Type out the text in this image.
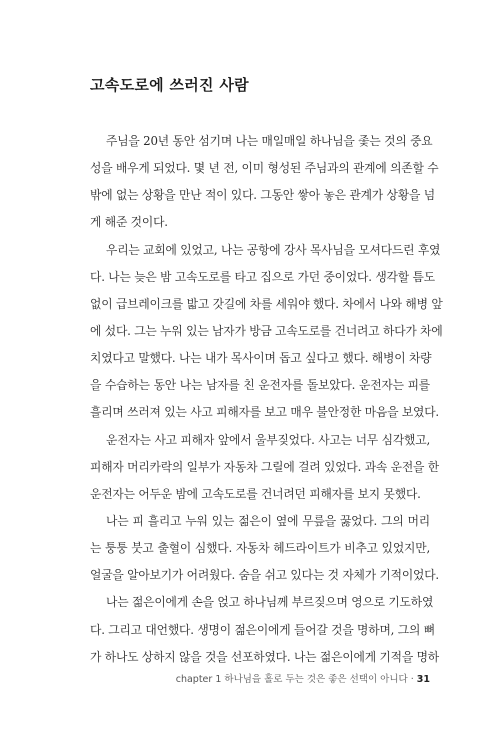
고속도로에 쓰러진 사람
주님을 20년 동안 섬기며 나는 매일매일 하나님을 좇는 것의 중요
성을 배우게 되었다. 몇 년 전, 이미 형성된 주님과의 관계에 의존할 수
밖에 없는 상황을 만난 적이 있다. 그동안 쌓아 놓은 관계가 상황을 넘
게 해준 것이다.
우리는 교회에 있었고, 나는 공항에 강사 목사님을 모셔다드린 후였
다. 나는 늦은 밤 고속도로를 타고 집으로 가던 중이었다. 생각할 틈도
없이 급브레이크를 밟고 갓길에 차를 세워야 했다. 차에서 나와 해병 앞
에 섰다. 그는 누워 있는 남자가 방금 고속도로를 건너려고 하다가 차에
치였다고 말했다. 나는 내가 목사이며 돕고 싶다고 했다. 해병이 차량
을 수습하는 동안 나는 남자를 친 운전자를 돌보았다. 운전자는 피를
흘리며 쓰러져 있는 사고 피해자를 보고 매우 불안정한 마음을 보였다.
운전자는 사고 피해자 앞에서 울부짖었다. 사고는 너무 심각했고,
피해자 머리카락의 일부가 자동차 그릴에 걸려 있었다. 과속 운전을 한
운전자는 어두운 밤에 고속도로를 건너려던 피해자를 보지 못했다.
나는 피 흘리고 누워 있는 젊은이 옆에 무릎을 꿇었다. 그의 머리
는 퉁퉁 붓고 출혈이 심했다. 자동차 헤드라이트가 비추고 있었지만,
얼굴을 알아보기가 어려웠다. 숨을 쉬고 있다는 것 자체가 기적이었다.
나는 젊은이에게 손을 얹고 하나님께 부르짖으며 영으로 기도하였
다. 그리고 대언했다. 생명이 젊은이에게 들어갈 것을 명하며, 그의 뼈
가 하나도 상하지 않을 것을 선포하였다. 나는 젊은이에게 기적을 명하
chapter 1 하나님을 홀로 두는 것은 좋은 선택이 아니다 · 31
